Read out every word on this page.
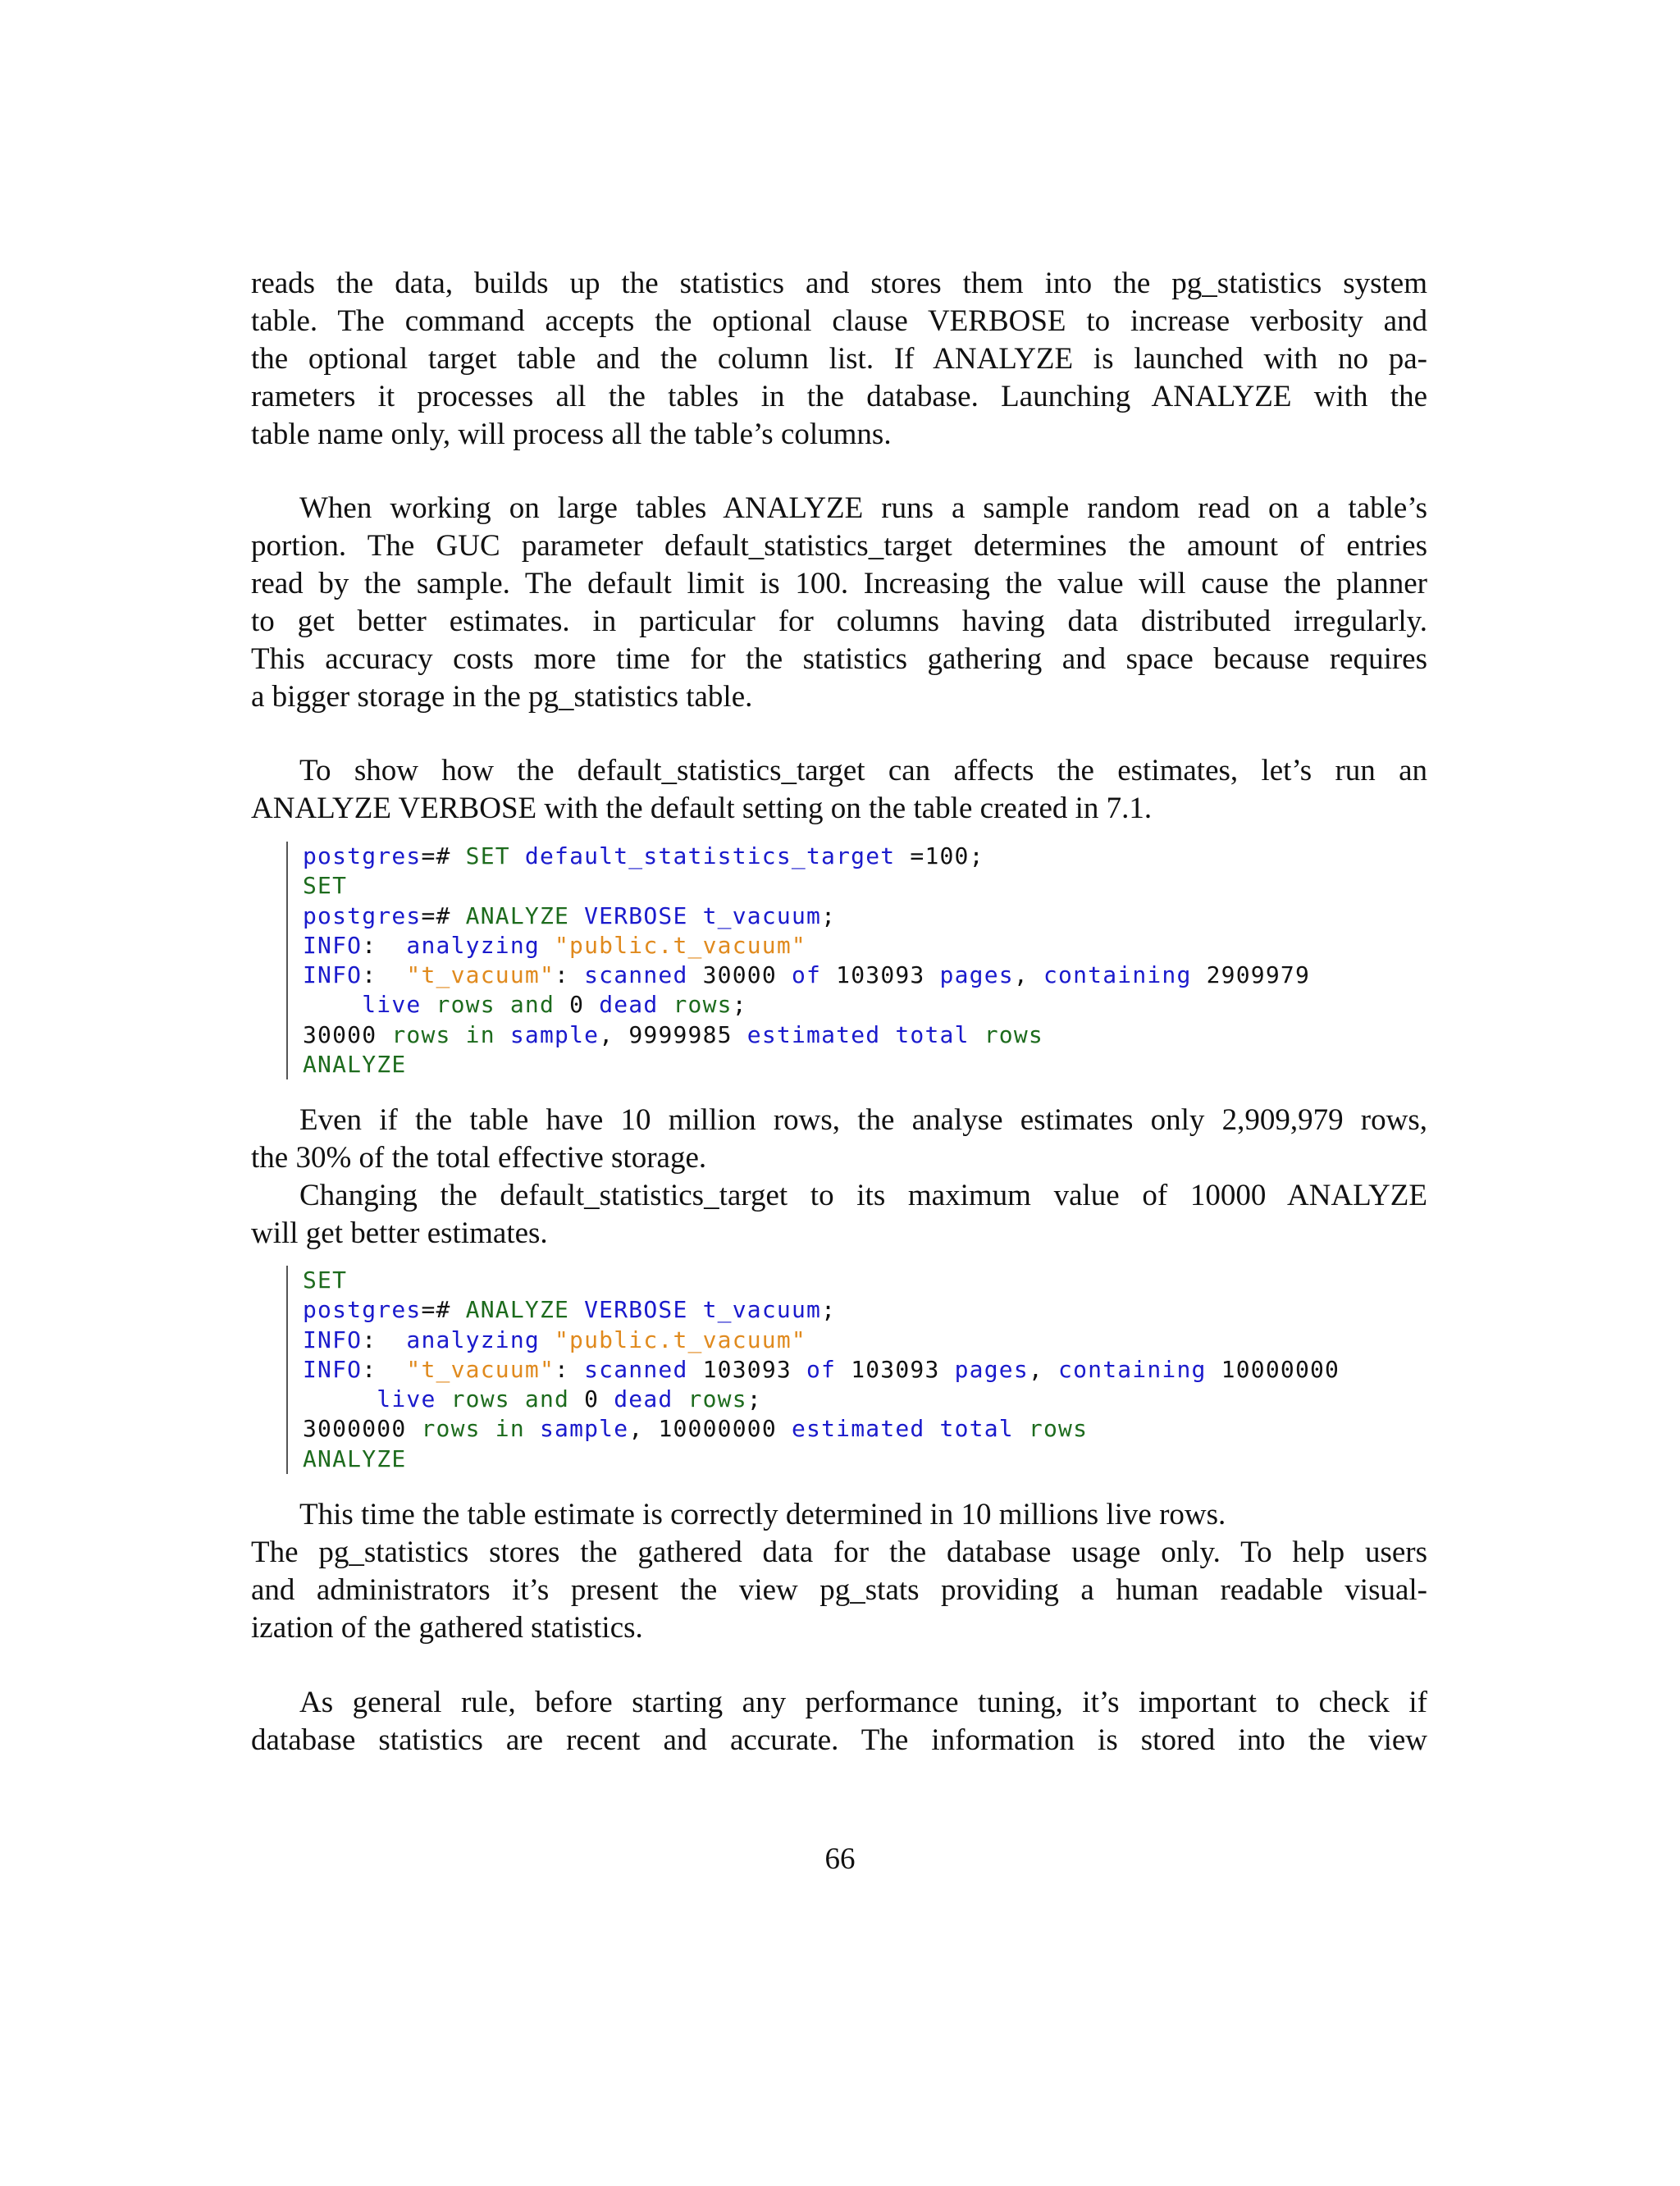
reads the data, builds up the statistics and stores them into the pg_statistics system
table. The command accepts the optional clause VERBOSE to increase verbosity and
the optional target table and the column list. If ANALYZE is launched with no pa-
rameters it processes all the tables in the database. Launching ANALYZE with the
table name only, will process all the table’s columns.
When working on large tables ANALYZE runs a sample random read on a table’s
portion. The GUC parameter default_statistics_target determines the amount of entries
read by the sample. The default limit is 100. Increasing the value will cause the planner
to get better estimates. in particular for columns having data distributed irregularly.
This accuracy costs more time for the statistics gathering and space because requires
a bigger storage in the pg_statistics table.
To show how the default_statistics_target can affects the estimates, let’s run an
ANALYZE VERBOSE with the default setting on the table created in 7.1.
postgres=# SET default_statistics_target =100;
SET
postgres=# ANALYZE VERBOSE t_vacuum;
INFO:  analyzing "public.t_vacuum"
INFO:  "t_vacuum": scanned 30000 of 103093 pages, containing 2909979
live rows and 0 dead rows;
30000 rows in sample, 9999985 estimated total rows
ANALYZE
Even if the table have 10 million rows, the analyse estimates only 2,909,979 rows,
the 30% of the total effective storage.
Changing the default_statistics_target to its maximum value of 10000 ANALYZE
will get better estimates.
SET
postgres=# ANALYZE VERBOSE t_vacuum;
INFO:  analyzing "public.t_vacuum"
INFO:  "t_vacuum": scanned 103093 of 103093 pages, containing 10000000
live rows and 0 dead rows;
3000000 rows in sample, 10000000 estimated total rows
ANALYZE
This time the table estimate is correctly determined in 10 millions live rows.
The pg_statistics stores the gathered data for the database usage only. To help users
and administrators it’s present the view pg_stats providing a human readable visual-
ization of the gathered statistics.
As general rule, before starting any performance tuning, it’s important to check if
database statistics are recent and accurate. The information is stored into the view
66
